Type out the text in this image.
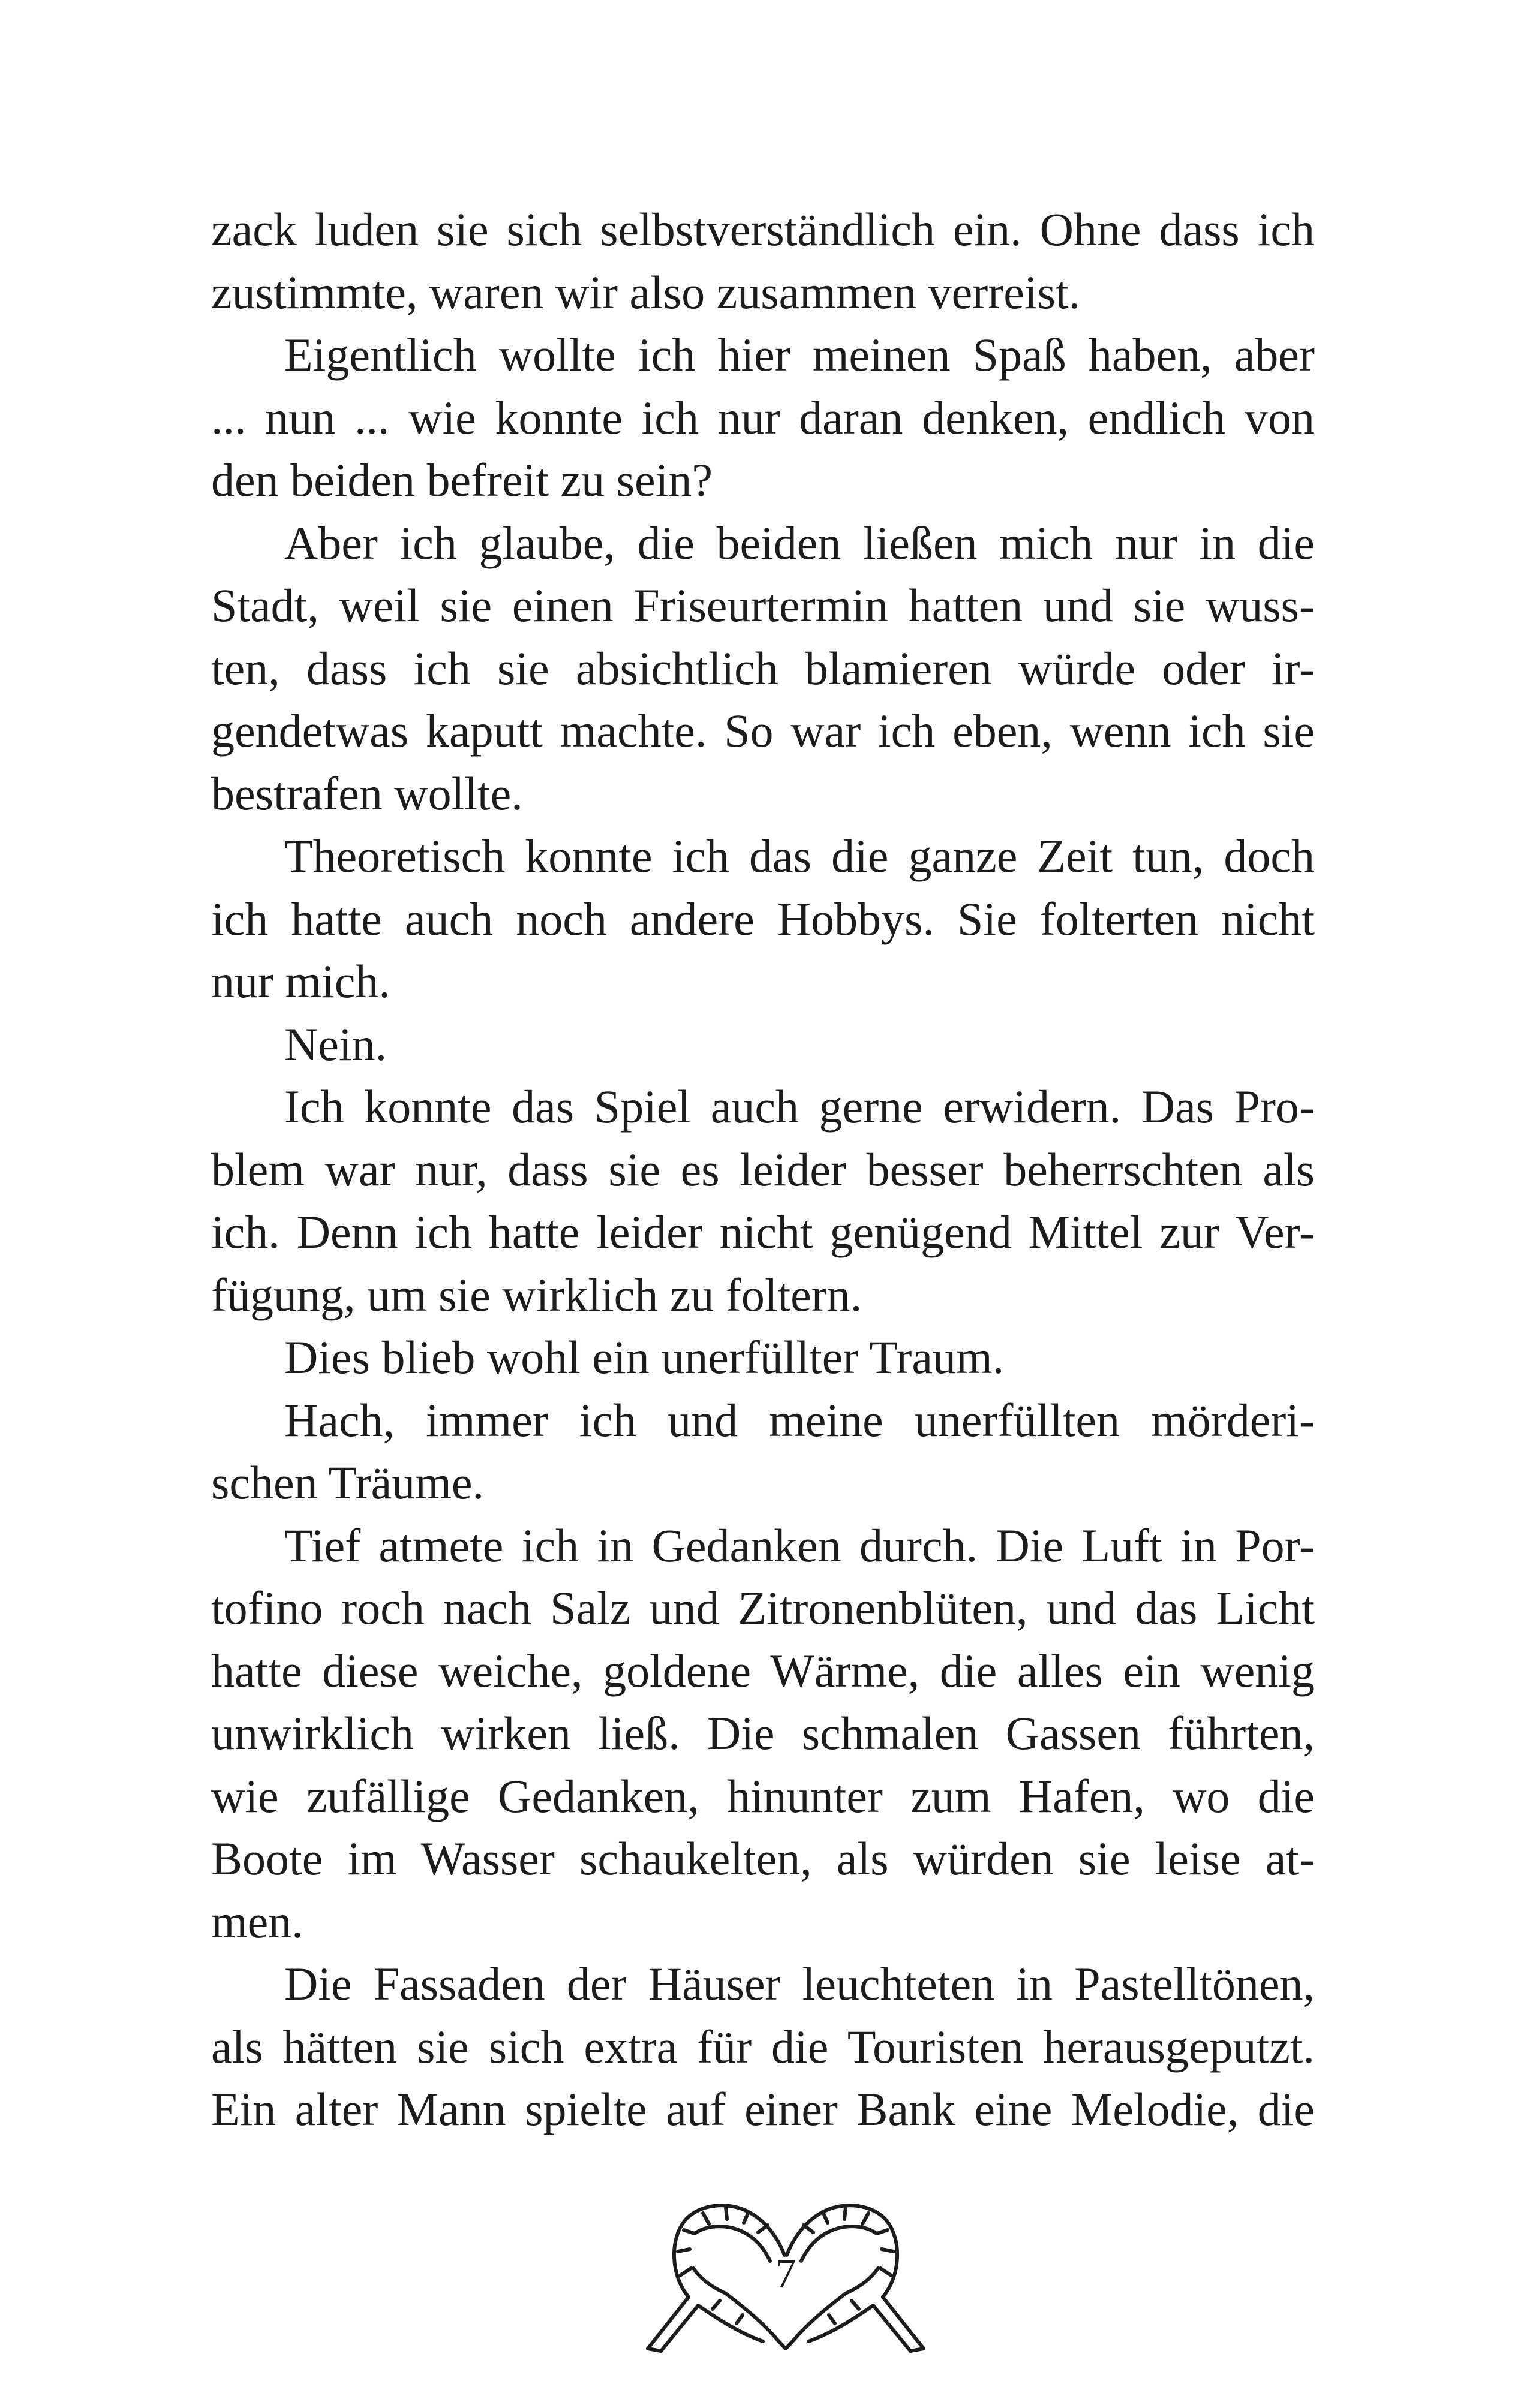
zack luden sie sich selbstverständlich ein. Ohne dass ich
zustimmte, waren wir also zusammen verreist.
Eigentlich wollte ich hier meinen Spaß haben, aber
... nun ... wie konnte ich nur daran denken, endlich von
den beiden befreit zu sein?
Aber ich glaube, die beiden ließen mich nur in die
Stadt, weil sie einen Friseurtermin hatten und sie wuss-
ten, dass ich sie absichtlich blamieren würde oder ir-
gendetwas kaputt machte. So war ich eben, wenn ich sie
bestrafen wollte.
Theoretisch konnte ich das die ganze Zeit tun, doch
ich hatte auch noch andere Hobbys. Sie folterten nicht
nur mich.
Nein.
Ich konnte das Spiel auch gerne erwidern. Das Pro-
blem war nur, dass sie es leider besser beherrschten als
ich. Denn ich hatte leider nicht genügend Mittel zur Ver-
fügung, um sie wirklich zu foltern.
Dies blieb wohl ein unerfüllter Traum.
Hach, immer ich und meine unerfüllten mörderi-
schen Träume.
Tief atmete ich in Gedanken durch. Die Luft in Por-
tofino roch nach Salz und Zitronenblüten, und das Licht
hatte diese weiche, goldene Wärme, die alles ein wenig
unwirklich wirken ließ. Die schmalen Gassen führten,
wie zufällige Gedanken, hinunter zum Hafen, wo die
Boote im Wasser schaukelten, als würden sie leise at-
men.
Die Fassaden der Häuser leuchteten in Pastelltönen,
als hätten sie sich extra für die Touristen herausgeputzt.
Ein alter Mann spielte auf einer Bank eine Melodie, die
7
